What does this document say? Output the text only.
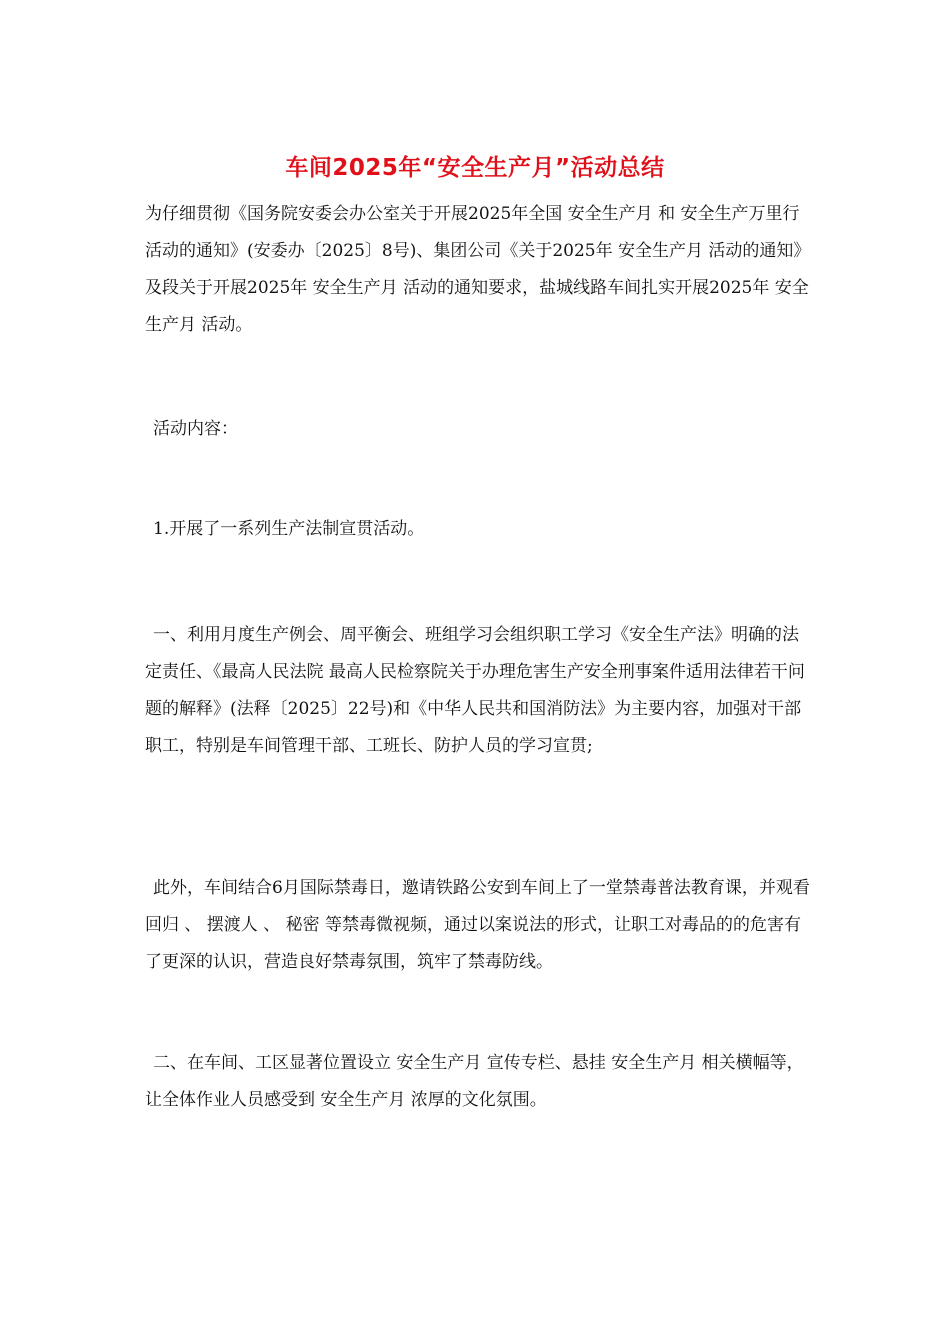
车间2025年“安全生产月”活动总结

为仔细贯彻《国务院安委会办公室关于开展2025年全国 安全生产月 和 安全生产万里行 活动的通知》(安委办〔2025〕8号)、集团公司《关于2025年 安全生产月 活动的通知》及段关于开展2025年 安全生产月 活动的通知要求，盐城线路车间扎实开展2025年 安全生产月 活动。

活动内容：

1.开展了一系列生产法制宣贯活动。

一、利用月度生产例会、周平衡会、班组学习会组织职工学习《安全生产法》明确的法定责任、《最高人民法院 最高人民检察院关于办理危害生产安全刑事案件适用法律若干问题的解释》(法释〔2025〕22号)和《中华人民共和国消防法》为主要内容，加强对干部职工，特别是车间管理干部、工班长、防护人员的学习宣贯;

此外，车间结合6月国际禁毒日，邀请铁路公安到车间上了一堂禁毒普法教育课，并观看 回归 、 摆渡人 、 秘密 等禁毒微视频，通过以案说法的形式，让职工对毒品的的危害有了更深的认识，营造良好禁毒氛围，筑牢了禁毒防线。

二、在车间、工区显著位置设立 安全生产月 宣传专栏、悬挂 安全生产月 相关横幅等，让全体作业人员感受到 安全生产月 浓厚的文化氛围。
